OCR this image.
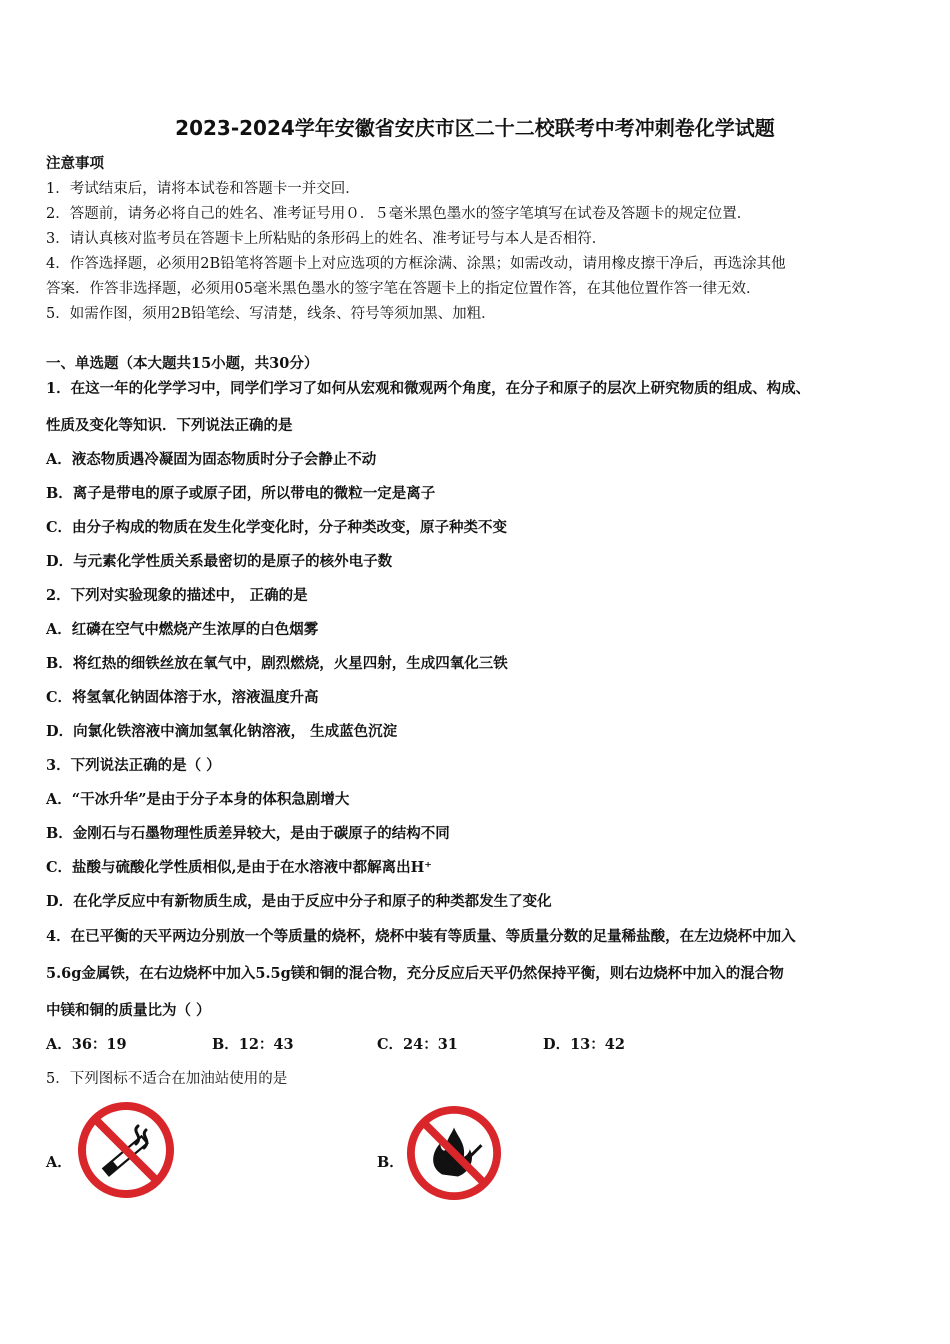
2023-2024学年安徽省安庆市区二十二校联考中考冲刺卷化学试题
注意事项
1．考试结束后，请将本试卷和答题卡一并交回．
2．答题前，请务必将自己的姓名、准考证号用０．５毫米黑色墨水的签字笔填写在试卷及答题卡的规定位置．
3．请认真核对监考员在答题卡上所粘贴的条形码上的姓名、准考证号与本人是否相符．
4．作答选择题，必须用2B铅笔将答题卡上对应选项的方框涂满、涂黑；如需改动，请用橡皮擦干净后，再选涂其他
答案．作答非选择题，必须用05毫米黑色墨水的签字笔在答题卡上的指定位置作答，在其他位置作答一律无效．
5．如需作图，须用2B铅笔绘、写清楚，线条、符号等须加黑、加粗．
一、单选题（本大题共15小题，共30分）
1．在这一年的化学学习中，同学们学习了如何从宏观和微观两个角度，在分子和原子的层次上研究物质的组成、构成、
性质及变化等知识．下列说法正确的是
A．液态物质遇冷凝固为固态物质时分子会静止不动
B．离子是带电的原子或原子团，所以带电的微粒一定是离子
C．由分子构成的物质在发生化学变化时，分子种类改变，原子种类不变
D．与元素化学性质关系最密切的是原子的核外电子数
2．下列对实验现象的描述中， 正确的是
A．红磷在空气中燃烧产生浓厚的白色烟雾
B．将红热的细铁丝放在氧气中，剧烈燃烧，火星四射，生成四氧化三铁
C．将氢氧化钠固体溶于水，溶液温度升高
D．向氯化铁溶液中滴加氢氧化钠溶液， 生成蓝色沉淀
3．下列说法正确的是（ ）
A．“干冰升华”是由于分子本身的体积急剧增大
B．金刚石与石墨物理性质差异较大，是由于碳原子的结构不同
C．盐酸与硫酸化学性质相似,是由于在水溶液中都解离出H⁺
D．在化学反应中有新物质生成，是由于反应中分子和原子的种类都发生了变化
4．在已平衡的天平两边分别放一个等质量的烧杯，烧杯中装有等质量、等质量分数的足量稀盐酸，在左边烧杯中加入
5.6g金属铁，在右边烧杯中加入5.5g镁和铜的混合物，充分反应后天平仍然保持平衡，则右边烧杯中加入的混合物
中镁和铜的质量比为（ ）
A．36：19	B．12：43	C．24：31	D．13：42
5．下列图标不适合在加油站使用的是
A．	B．
